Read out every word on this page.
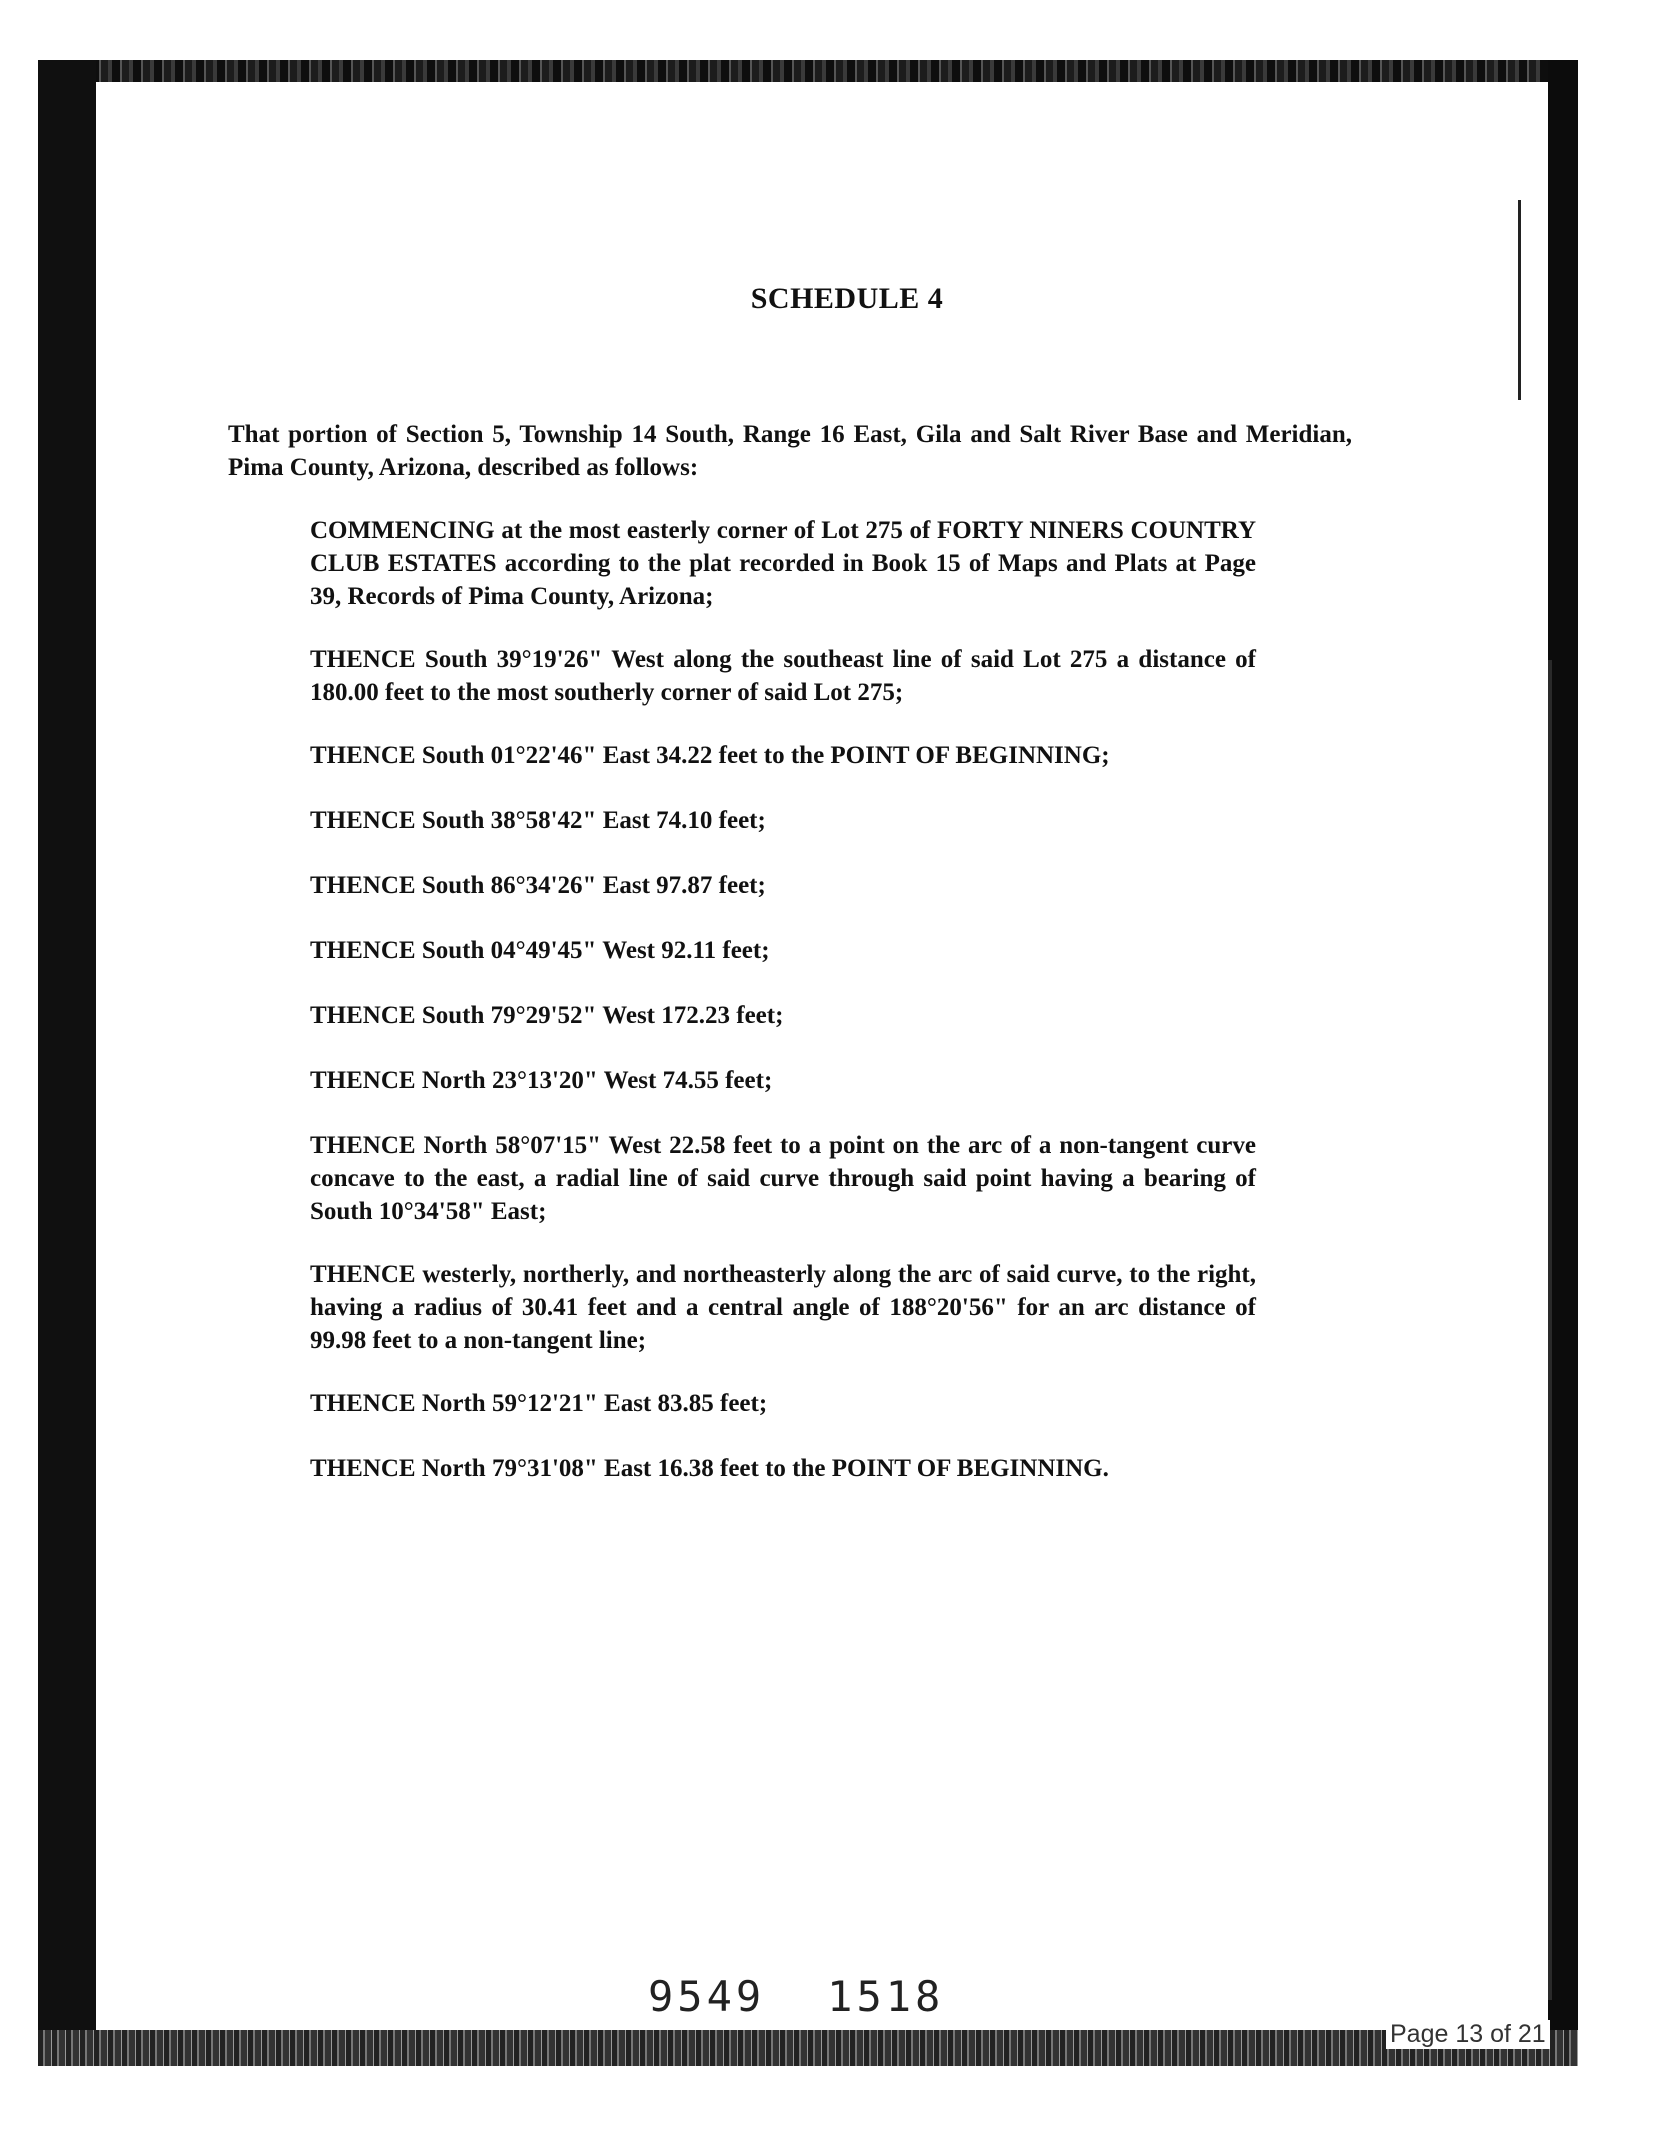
SCHEDULE 4
That portion of Section 5, Township 14 South, Range 16 East, Gila and Salt River Base and Meridian, Pima County, Arizona, described as follows:

COMMENCING at the most easterly corner of Lot 275 of FORTY NINERS COUNTRY CLUB ESTATES according to the plat recorded in Book 15 of Maps and Plats at Page 39, Records of Pima County, Arizona;

THENCE South 39°19'26" West along the southeast line of said Lot 275 a distance of 180.00 feet to the most southerly corner of said Lot 275;

THENCE South 01°22'46" East 34.22 feet to the POINT OF BEGINNING;

THENCE South 38°58'42" East 74.10 feet;

THENCE South 86°34'26" East 97.87 feet;

THENCE South 04°49'45" West 92.11 feet;

THENCE South 79°29'52" West 172.23 feet;

THENCE North 23°13'20" West 74.55 feet;

THENCE North 58°07'15" West 22.58 feet to a point on the arc of a non-tangent curve concave to the east, a radial line of said curve through said point having a bearing of South 10°34'58" East;

THENCE westerly, northerly, and northeasterly along the arc of said curve, to the right, having a radius of 30.41 feet and a central angle of 188°20'56" for an arc distance of 99.98 feet to a non-tangent line;

THENCE North 59°12'21" East 83.85 feet;

THENCE North 79°31'08" East 16.38 feet to the POINT OF BEGINNING.

9549 1518
Page 13 of 21
